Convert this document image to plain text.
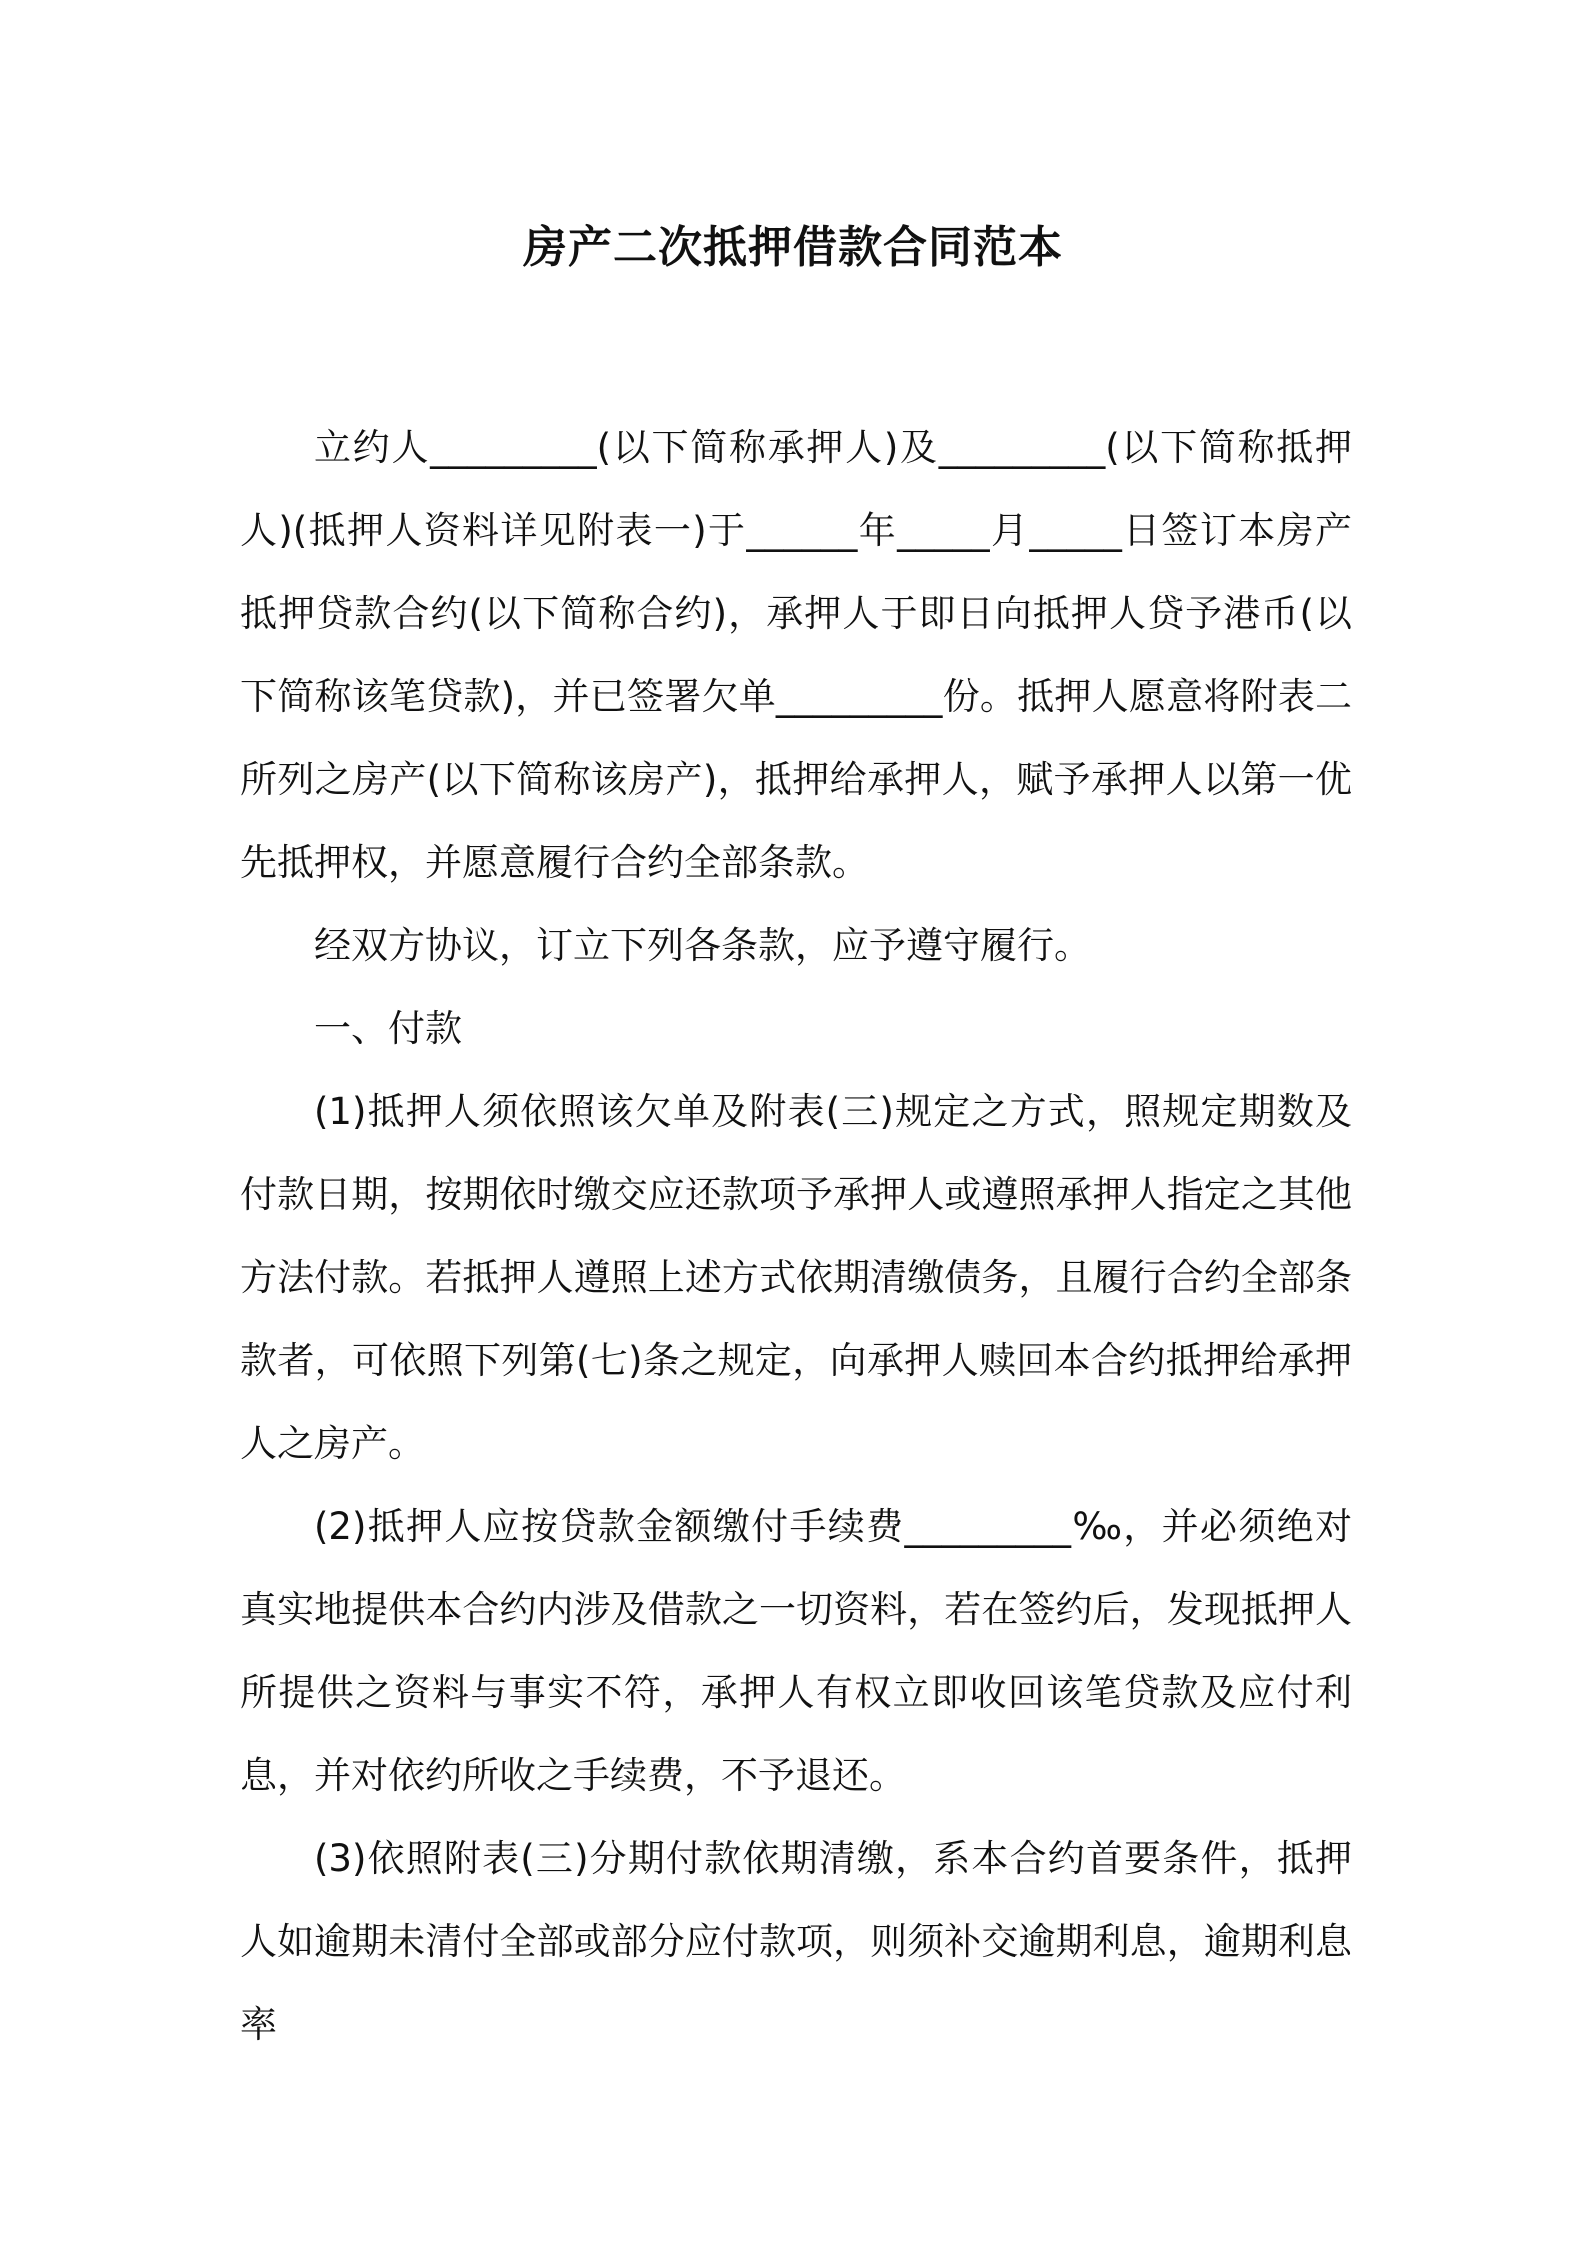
房产二次抵押借款合同范本

立约人_________(以下简称承押人)及_________(以下简称抵押人)(抵押人资料详见附表一)于______年_____月_____日签订本房产抵押贷款合约(以下简称合约)，承押人于即日向抵押人贷予港币(以下简称该笔贷款)，并已签署欠单_________份。抵押人愿意将附表二所列之房产(以下简称该房产)，抵押给承押人，赋予承押人以第一优先抵押权，并愿意履行合约全部条款。

经双方协议，订立下列各条款，应予遵守履行。

一、付款

(1)抵押人须依照该欠单及附表(三)规定之方式，照规定期数及付款日期，按期依时缴交应还款项予承押人或遵照承押人指定之其他方法付款。若抵押人遵照上述方式依期清缴债务，且履行合约全部条款者，可依照下列第(七)条之规定，向承押人赎回本合约抵押给承押人之房产。

(2)抵押人应按贷款金额缴付手续费_________‰，并必须绝对真实地提供本合约内涉及借款之一切资料，若在签约后，发现抵押人所提供之资料与事实不符，承押人有权立即收回该笔贷款及应付利息，并对依约所收之手续费，不予退还。

(3)依照附表(三)分期付款依期清缴，系本合约首要条件，抵押人如逾期未清付全部或部分应付款项，则须补交逾期利息，逾期利息率
